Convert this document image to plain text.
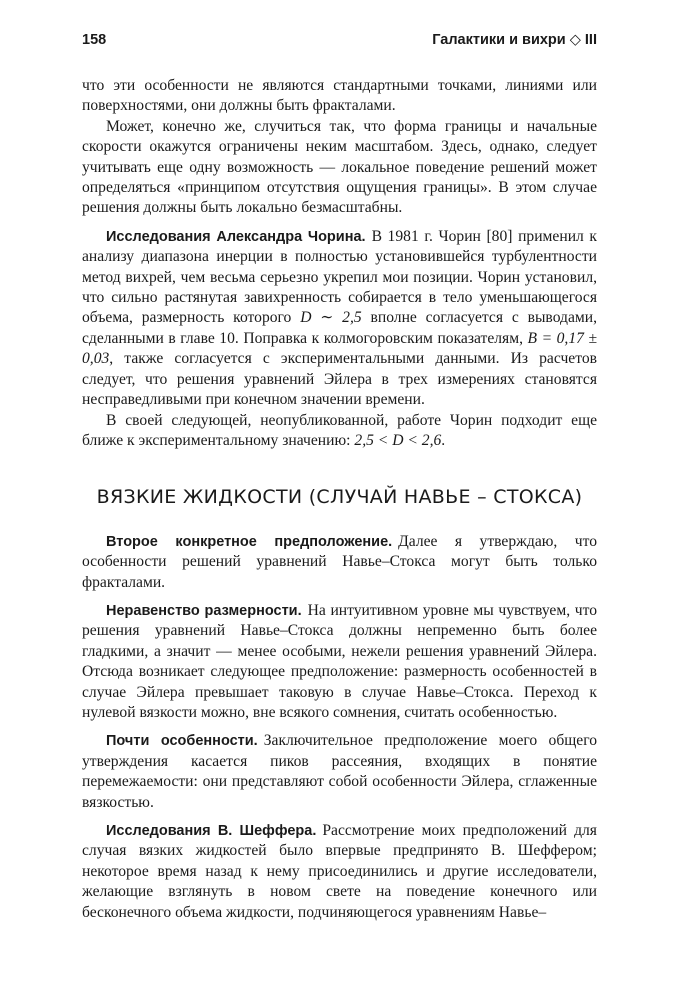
158	Галактики и вихри ◇ III

что эти особенности не являются стандартными точками, линиями или поверхностями, они должны быть фракталами.

Может, конечно же, случиться так, что форма границы и начальные скорости окажутся ограничены неким масштабом. Здесь, однако, следует учитывать еще одну возможность — локальное поведение решений может определяться «принципом отсутствия ощущения границы». В этом случае решения должны быть локально безмасштабны.

Исследования Александра Чорина. В 1981 г. Чорин [80] применил к анализу диапазона инерции в полностью установившейся турбулентности метод вихрей, чем весьма серьезно укрепил мои позиции. Чорин установил, что сильно растянутая завихренность собирается в тело уменьшающегося объема, размерность которого D ∼ 2,5 вполне согласуется с выводами, сделанными в главе 10. Поправка к колмогоровским показателям, B = 0,17 ± 0,03, также согласуется с экспериментальными данными. Из расчетов следует, что решения уравнений Эйлера в трех измерениях становятся несправедливыми при конечном значении времени.

В своей следующей, неопубликованной, работе Чорин подходит еще ближе к экспериментальному значению: 2,5 < D < 2,6.

ВЯЗКИЕ ЖИДКОСТИ (СЛУЧАЙ НАВЬЕ – СТОКСА)

Второе конкретное предположение. Далее я утверждаю, что особенности решений уравнений Навье–Стокса могут быть только фракталами.

Неравенство размерности. На интуитивном уровне мы чувствуем, что решения уравнений Навье–Стокса должны непременно быть более гладкими, а значит — менее особыми, нежели решения уравнений Эйлера. Отсюда возникает следующее предположение: размерность особенностей в случае Эйлера превышает таковую в случае Навье–Стокса. Переход к нулевой вязкости можно, вне всякого сомнения, считать особенностью.

Почти особенности. Заключительное предположение моего общего утверждения касается пиков рассеяния, входящих в понятие перемежаемости: они представляют собой особенности Эйлера, сглаженные вязкостью.

Исследования В. Шеффера. Рассмотрение моих предположений для случая вязких жидкостей было впервые предпринято В. Шеффером; некоторое время назад к нему присоединились и другие исследователи, желающие взглянуть в новом свете на поведение конечного или бесконечного объема жидкости, подчиняющегося уравнениям Навье–
